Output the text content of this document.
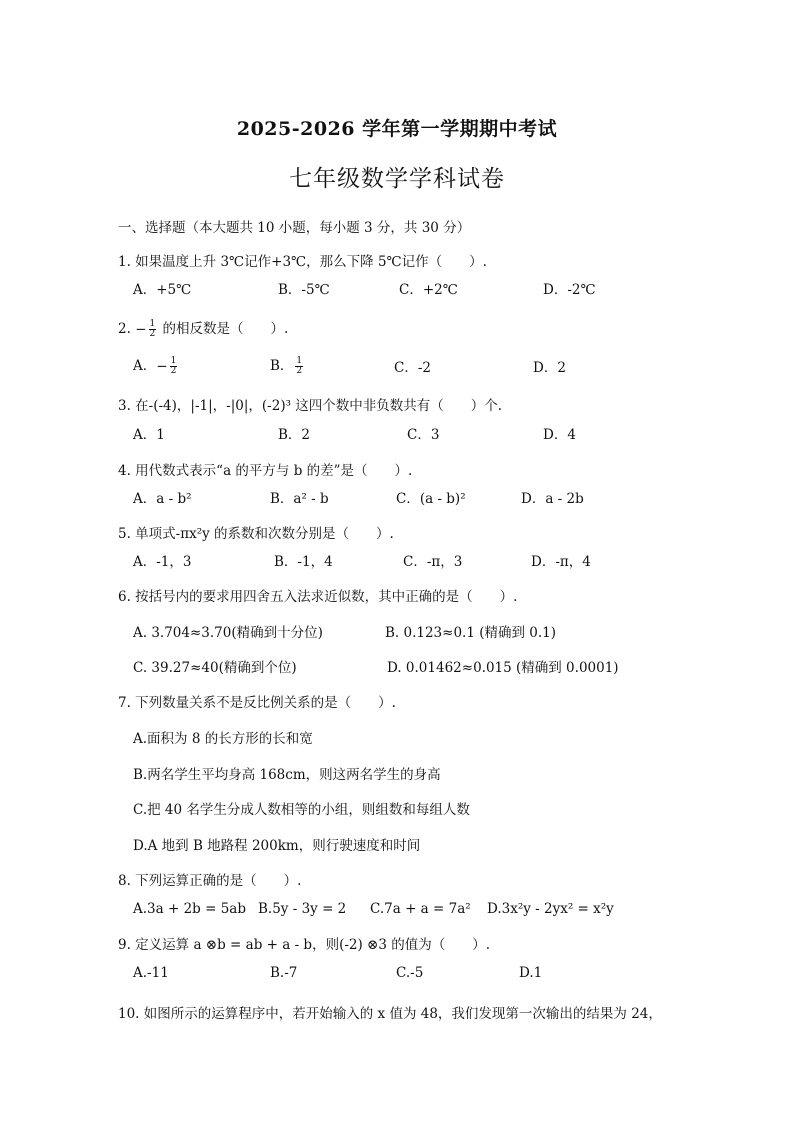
2025-2026 学年第一学期期中考试
七年级数学学科试卷
一、选择题（本大题共 10 小题，每小题 3 分，共 30 分）
1. 如果温度上升 3℃记作+3℃，那么下降 5℃记作（　　）.
A．+5℃	B．-5℃	C．+2℃	D．-2℃
2. − $\frac{1}{2}$ 的相反数是（　　）.
A．− $\frac{1}{2}$	B． $\frac{1}{2}$	C．-2	D．2
3. 在-(-4)，|-1|，-|0|，(-2)³ 这四个数中非负数共有（　　）个.
A．1	B．2	C．3	D．4
4. 用代数式表示“a 的平方与 b 的差”是（　　）.
A．a - b²	B．a² - b	C．(a - b)²	D．a - 2b
5. 单项式-πx²y 的系数和次数分别是（　　）.
A．-1，3	B．-1，4	C．-π，3	D．-π，4
6. 按括号内的要求用四舍五入法求近似数，其中正确的是（　　）.
A. 3.704≈3.70(精确到十分位)	B. 0.123≈0.1 (精确到 0.1)
C. 39.27≈40(精确到个位)	D. 0.01462≈0.015 (精确到 0.0001)
7. 下列数量关系不是反比例关系的是（　　）.
A.面积为 8 的长方形的长和宽
B.两名学生平均身高 168cm，则这两名学生的身高
C.把 40 名学生分成人数相等的小组，则组数和每组人数
D.A 地到 B 地路程 200km，则行驶速度和时间
8. 下列运算正确的是（　　）.
A.3a + 2b = 5ab B.5y - 3y = 2 C.7a + a = 7a² D.3x²y - 2yx² = x²y
9. 定义运算 a ⊗b = ab + a - b，则(-2) ⊗3 的值为（　　）.
A.-11	B.-7	C.-5	D.1
10. 如图所示的运算程序中，若开始输入的 x 值为 48，我们发现第一次输出的结果为 24，
